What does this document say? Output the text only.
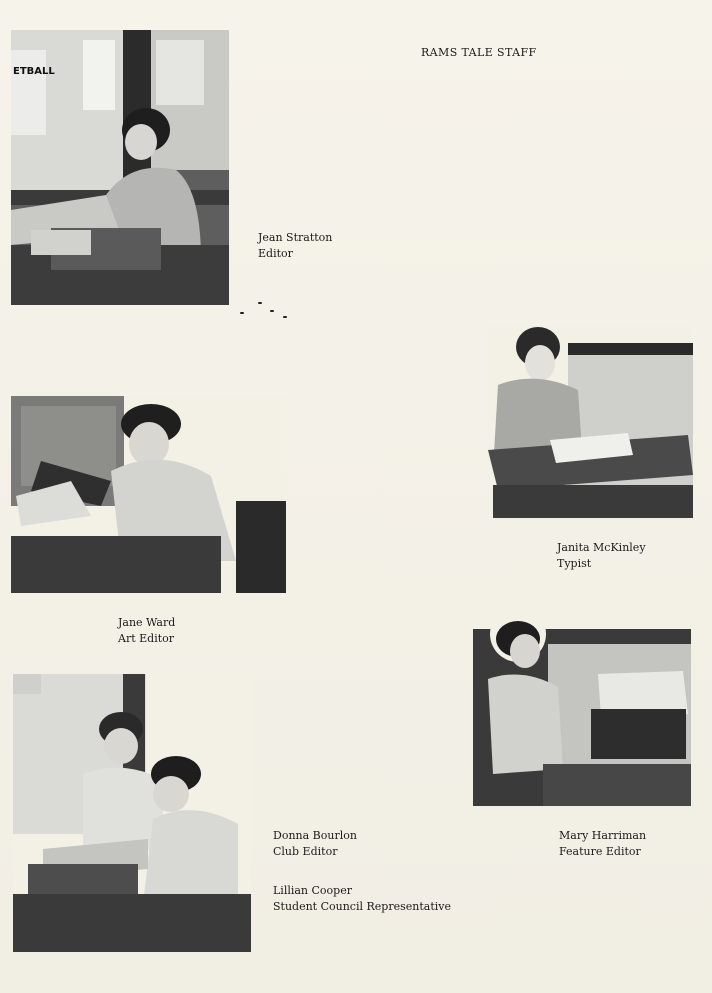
RAMS TALE STAFF
ETBALL
Jean Stratton
Editor
Janita McKinley
Typist
Jane Ward
Art Editor
Mary Harriman
Feature Editor
Donna Bourlon
Club Editor
Lillian Cooper
Student Council Representative
